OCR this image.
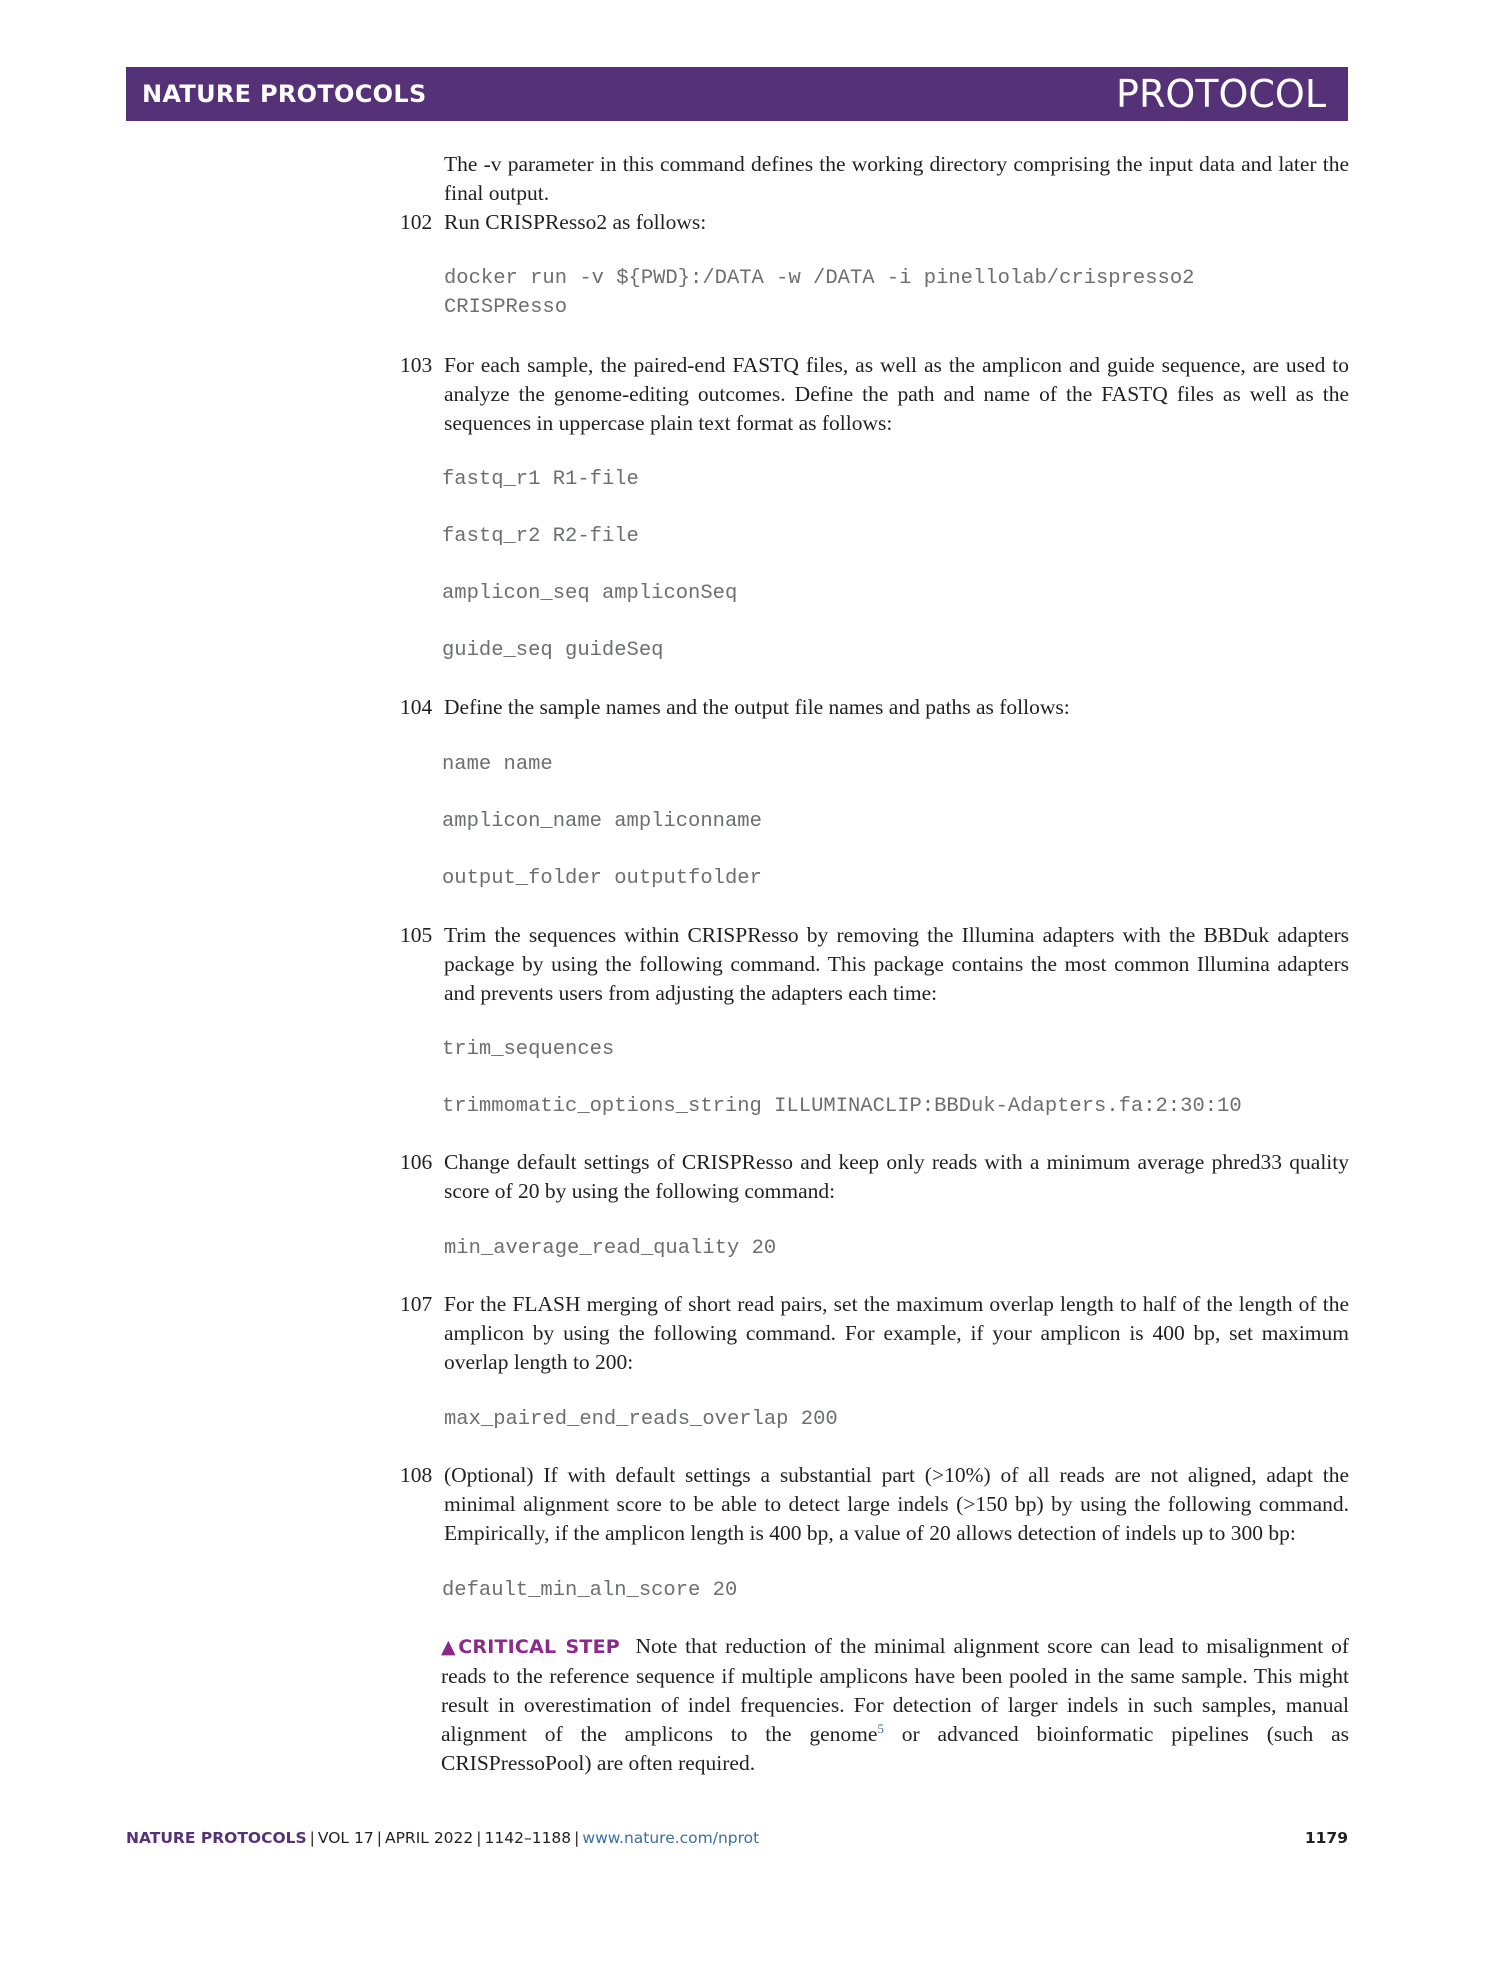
NATURE PROTOCOLS	PROTOCOL
The -v parameter in this command defines the working directory comprising the input data and later the final output.
102 Run CRISPResso2 as follows:
docker run -v ${PWD}:/DATA -w /DATA -i pinellolab/crispresso2
CRISPResso
103 For each sample, the paired-end FASTQ files, as well as the amplicon and guide sequence, are used to analyze the genome-editing outcomes. Define the path and name of the FASTQ files as well as the sequences in uppercase plain text format as follows:
fastq_r1 R1-file
fastq_r2 R2-file
amplicon_seq ampliconSeq
guide_seq guideSeq
104 Define the sample names and the output file names and paths as follows:
name name
amplicon_name ampliconname
output_folder outputfolder
105 Trim the sequences within CRISPResso by removing the Illumina adapters with the BBDuk adapters package by using the following command. This package contains the most common Illumina adapters and prevents users from adjusting the adapters each time:
trim_sequences
trimmomatic_options_string ILLUMINACLIP:BBDuk-Adapters.fa:2:30:10
106 Change default settings of CRISPResso and keep only reads with a minimum average phred33 quality score of 20 by using the following command:
min_average_read_quality 20
107 For the FLASH merging of short read pairs, set the maximum overlap length to half of the length of the amplicon by using the following command. For example, if your amplicon is 400 bp, set maximum overlap length to 200:
max_paired_end_reads_overlap 200
108 (Optional) If with default settings a substantial part (>10%) of all reads are not aligned, adapt the minimal alignment score to be able to detect large indels (>150 bp) by using the following command. Empirically, if the amplicon length is 400 bp, a value of 20 allows detection of indels up to 300 bp:
default_min_aln_score 20
▲CRITICAL STEP Note that reduction of the minimal alignment score can lead to misalignment of reads to the reference sequence if multiple amplicons have been pooled in the same sample. This might result in overestimation of indel frequencies. For detection of larger indels in such samples, manual alignment of the amplicons to the genome$^5$ or advanced bioinformatic pipelines (such as CRISPressoPool) are often required.
NATURE PROTOCOLS | VOL 17 | APRIL 2022 | 1142–1188 | www.nature.com/nprot	1179
